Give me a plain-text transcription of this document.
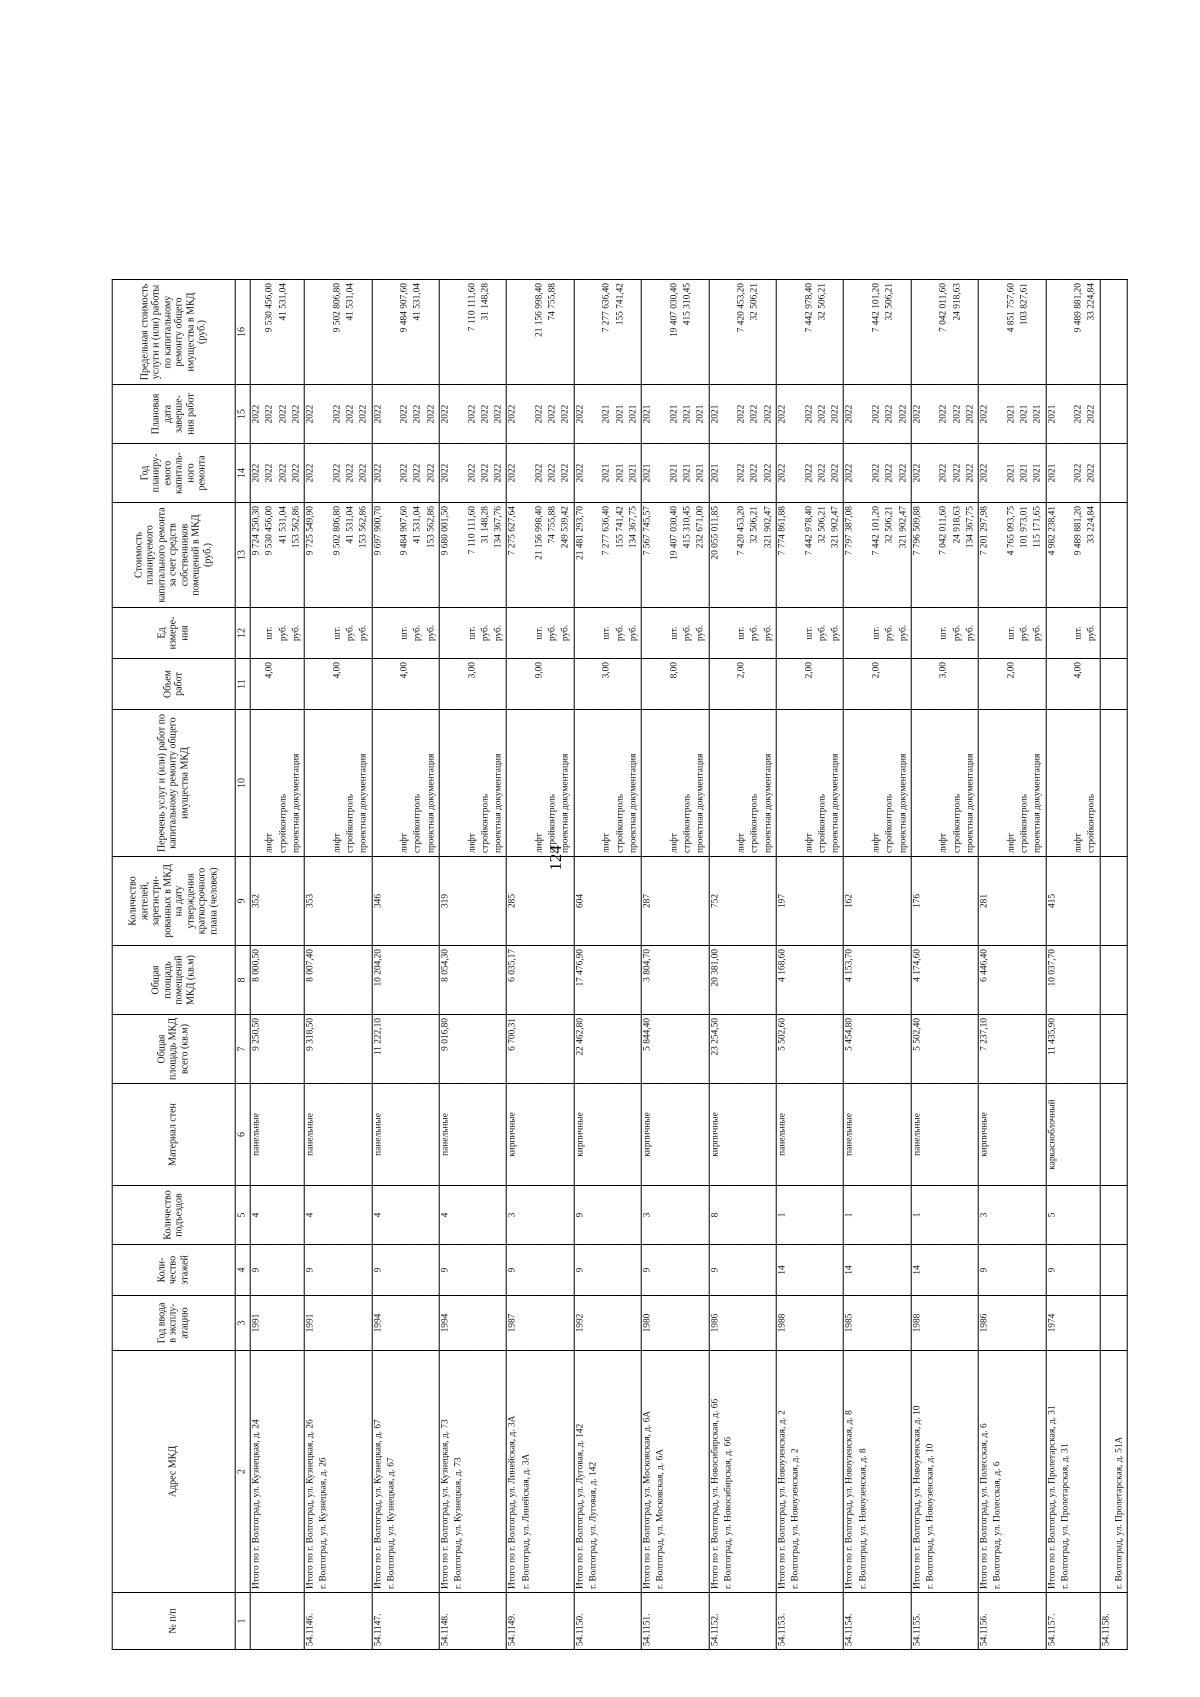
124
№ п/п	Адрес МКД	Год ввода в эксплу-атацию	Коли-чество этажей	Количество подъездов	Материал стен	Общая площадь МКД всего (кв.м)	Общая площадь помещений МКД (кв.м)	Количество жителей, зарегистри-рованных в МКД на дату утверждения краткосрочного плана (человек)	Перечень услуг и (или) работ по капитальному ремонту общего имущества МКД	Объем работ	Ед измере-ния	Стоимость планируемого капитального ремонта за счет средств собственников помещений в МКД (руб.)	Год планиру-емого капиталь-ного ремонта	Плановая дата заверше-ния работ	Предельная стоимость услуги и (или) работы по капитальному ремонту общего имущества в МКД (руб.)
1	2	3	4	5	6	7	8	9	10	11	12	13	14	15	16
	Итого по г. Волгоград, ул. Кузнецкая, д. 24	1991	9	4	панельные	9 250,50	8 000,50	352				9 724 250,30	2022	2022	
									лифт	4,00	шт.	9 530 456,00	2022	2022	9 530 456,00
									стройконтроль		руб.	41 531,04	2022	2022	41 531,04
									проектная документация		руб.	153 562,86	2022	2022	
54.1146.	Итого по г. Волгоград, ул. Кузнецкая, д. 26	1991	9	4	панельные	9 318,50	8 007,40	353				9 725 549,90	2022	2022	
	г. Волгоград, ул. Кузнецкая, д. 26														
									лифт	4,00	шт.	9 502 806,80	2022	2022	9 502 806,80
									стройконтроль		руб.	41 531,04	2022	2022	41 531,04
									проектная документация		руб.	153 562,86	2022	2022	
54.1147.	Итого по г. Волгоград, ул. Кузнецкая, д. 67	1994	9	4	панельные	11 222,10	10 204,20	346				9 697 900,70	2022	2022	
	г. Волгоград, ул. Кузнецкая, д. 67														
									лифт	4,00	шт.	9 484 907,60	2022	2022	9 484 907,60
									стройконтроль		руб.	41 531,04	2022	2022	41 531,04
									проектная документация		руб.	153 562,86	2022	2022	
54.1148.	Итого по г. Волгоград, ул. Кузнецкая, д. 73	1994	9	4	панельные	9 016,80	8 054,30	319				9 680 001,50	2022	2022	
	г. Волгоград, ул. Кузнецкая, д. 73														
									лифт	3,00	шт.	7 110 111,60	2022	2022	7 110 111,60
									стройконтроль		руб.	31 148,28	2022	2022	31 148,28
									проектная документация		руб.	134 367,76	2022	2022	
54.1149.	Итого по г. Волгоград, ул. Линейская, д. 3А	1987	9	3	кирпичные	6 700,31	6 035,17	285				7 275 627,64	2022	2022	
	г. Волгоград, ул. Линейская, д. 3А														
									лифт	9,00	шт.	21 156 998,40	2022	2022	21 156 998,40
									стройконтроль		руб.	74 755,88	2022	2022	74 755,88
									проектная документация		руб.	249 539,42	2022	2022	
54.1150.	Итого по г. Волгоград, ул. Луговая, д. 142	1992	9	9	кирпичные	22 462,80	17 476,90	604				21 481 293,70	2022	2022	
	г. Волгоград, ул. Луговая, д. 142														
									лифт	3,00	шт.	7 277 636,40	2021	2021	7 277 636,40
									стройконтроль		руб.	155 741,42	2021	2021	155 741,42
									проектная документация		руб.	134 367,75	2021	2021	
54.1151.	Итого по г. Волгоград, ул. Московская, д. 6А	1980	9	3	кирпичные	5 844,40	3 804,70	287				7 567 745,57	2021	2021	
	г. Волгоград, ул. Московская, д. 6А														
									лифт	8,00	шт.	19 407 030,40	2021	2021	19 407 030,40
									стройконтроль		руб.	415 310,45	2021	2021	415 310,45
									проектная документация		руб.	232 671,00	2021	2021	
54.1152.	Итого по г. Волгоград, ул. Новосибирская, д. 66	1986	9	8	кирпичные	23 254,50	20 381,00	752				20 055 011,85	2021	2021	
	г. Волгоград, ул. Новосибирская, д. 66														
									лифт	2,00	шт.	7 420 453,20	2022	2022	7 420 453,20
									стройконтроль		руб.	32 506,21	2022	2022	32 506,21
									проектная документация		руб.	321 902,47	2022	2022	
54.1153.	Итого по г. Волгоград, ул. Новоузенская, д. 2	1988	14	1	панельные	5 502,60	4 168,60	197				7 774 861,88	2022	2022	
	г. Волгоград, ул. Новоузенская, д. 2														
									лифт	2,00	шт.	7 442 978,40	2022	2022	7 442 978,40
									стройконтроль		руб.	32 506,21	2022	2022	32 506,21
									проектная документация		руб.	321 902,47	2022	2022	
54.1154.	Итого по г. Волгоград, ул. Новоузенская, д. 8	1985	14	1	панельные	5 454,80	4 153,70	162				7 797 387,08	2022	2022	
	г. Волгоград, ул. Новоузенская, д. 8														
									лифт	2,00	шт.	7 442 101,20	2022	2022	7 442 101,20
									стройконтроль		руб.	32 506,21	2022	2022	32 506,21
									проектная документация		руб.	321 902,47	2022	2022	
54.1155.	Итого по г. Волгоград, ул. Новоузенская, д. 10	1988	14	1	панельные	5 502,40	4 174,60	176				7 796 509,88	2022	2022	
	г. Волгоград, ул. Новоузенская, д. 10														
									лифт	3,00	шт.	7 042 011,60	2022	2022	7 042 011,60
									стройконтроль		руб.	24 918,63	2022	2022	24 918,63
									проектная документация		руб.	134 367,75	2022	2022	
54.1156.	Итого по г. Волгоград, ул. Полесская, д. 6	1986	9	3	кирпичные	7 237,10	6 446,40	281				7 201 297,98	2022	2022	
	г. Волгоград, ул. Полесская, д. 6														
									лифт	2,00	шт.	4 765 093,75	2021	2021	4 851 757,60
									стройконтроль		руб.	101 973,01	2021	2021	103 827,61
									проектная документация		руб.	115 171,65	2021	2021	
54.1157.	Итого по г. Волгоград, ул. Пролетарская, д. 31	1974	9	5	каркаснoблочный	11 435,90	10 037,70	415				4 982 238,41	2021	2021	
	г. Волгоград, ул. Пролетарская, д. 31														
									лифт	4,00	шт.	9 489 881,20	2022	2022	9 489 881,20
									стройконтроль		руб.	33 224,84	2022	2022	33 224,84
54.1158.															
	г. Волгоград, ул. Пролетарская, д. 51А														
